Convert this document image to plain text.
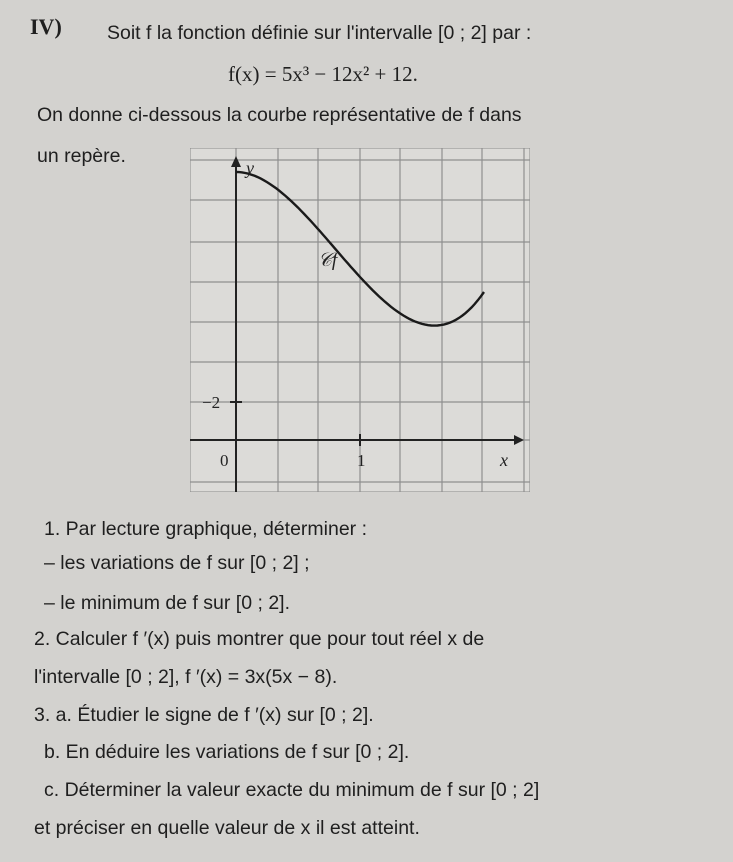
IV) Soit f la fonction définie sur l'intervalle [0 ; 2] par :
f(x) = 5x³ − 12x² + 12.
On donne ci-dessous la courbe représentative de f dans
un repère.
y
x
𝒞f
0	1
−2
1. Par lecture graphique, déterminer :
– les variations de f sur [0 ; 2] ;
– le minimum de f sur [0 ; 2].
2. Calculer f ′(x) puis montrer que pour tout réel x de
l'intervalle [0 ; 2], f ′(x) = 3x(5x − 8).
3. a. Étudier le signe de f ′(x) sur [0 ; 2].
b. En déduire les variations de f sur [0 ; 2].
c. Déterminer la valeur exacte du minimum de f sur [0 ; 2]
et préciser en quelle valeur de x il est atteint.
